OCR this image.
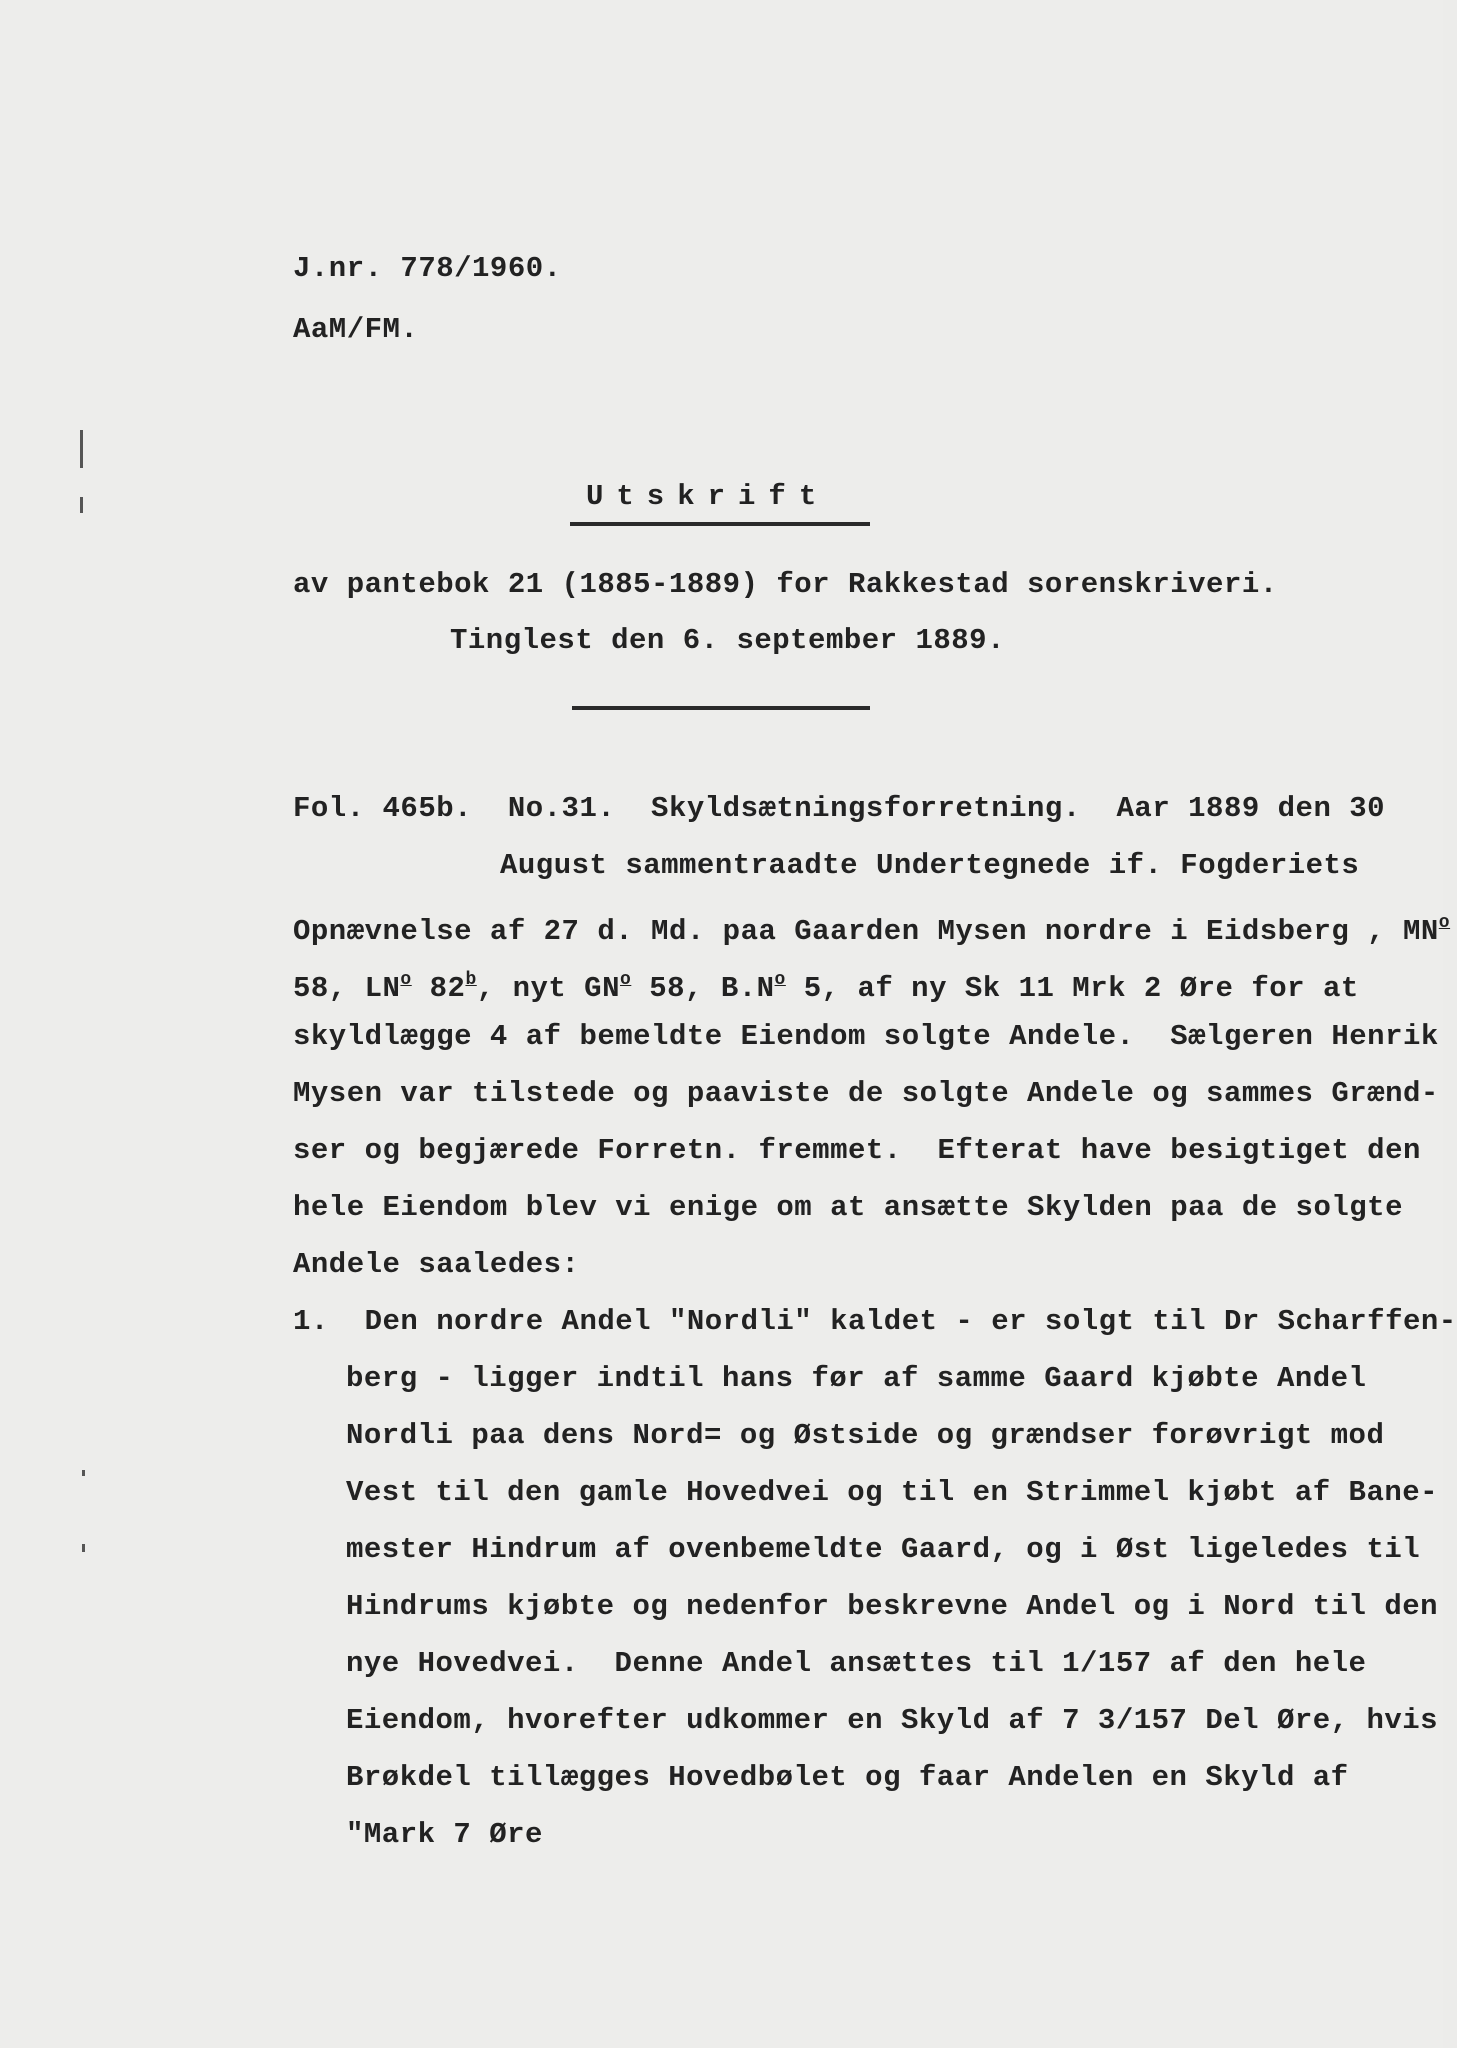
J.nr. 778/1960.
AaM/FM.
Utskrift
av pantebok 21 (1885-1889) for Rakkestad sorenskriveri.
Tinglest den 6. september 1889.
Fol. 465b.  No.31.  Skyldsætningsforretning.  Aar 1889 den 30
August sammentraadte Undertegnede if. Fogderiets
Opnævnelse af 27 d. Md. paa Gaarden Mysen nordre i Eidsberg , $MN^o$
58, $LN^o$ 82$^b$, nyt $GN^o$ 58, $B.N^o$ 5, af ny Sk 11 Mrk 2 Øre for at
skyldlægge 4 af bemeldte Eiendom solgte Andele.  Sælgeren Henrik
Mysen var tilstede og paaviste de solgte Andele og sammes Grænd-
ser og begjærede Forretn. fremmet.  Efterat have besigtiget den
hele Eiendom blev vi enige om at ansætte Skylden paa de solgte
Andele saaledes:
1.  Den nordre Andel "Nordli" kaldet - er solgt til Dr Scharffen-
berg - ligger indtil hans før af samme Gaard kjøbte Andel
Nordli paa dens Nord= og Østside og grændser forøvrigt mod
Vest til den gamle Hovedvei og til en Strimmel kjøbt af Bane-
mester Hindrum af ovenbemeldte Gaard, og i Øst ligeledes til
Hindrums kjøbte og nedenfor beskrevne Andel og i Nord til den
nye Hovedvei.  Denne Andel ansættes til 1/157 af den hele
Eiendom, hvorefter udkommer en Skyld af 7 3/157 Del Øre, hvis
Brøkdel tillægges Hovedbølet og faar Andelen en Skyld af
"Mark 7 Øre
